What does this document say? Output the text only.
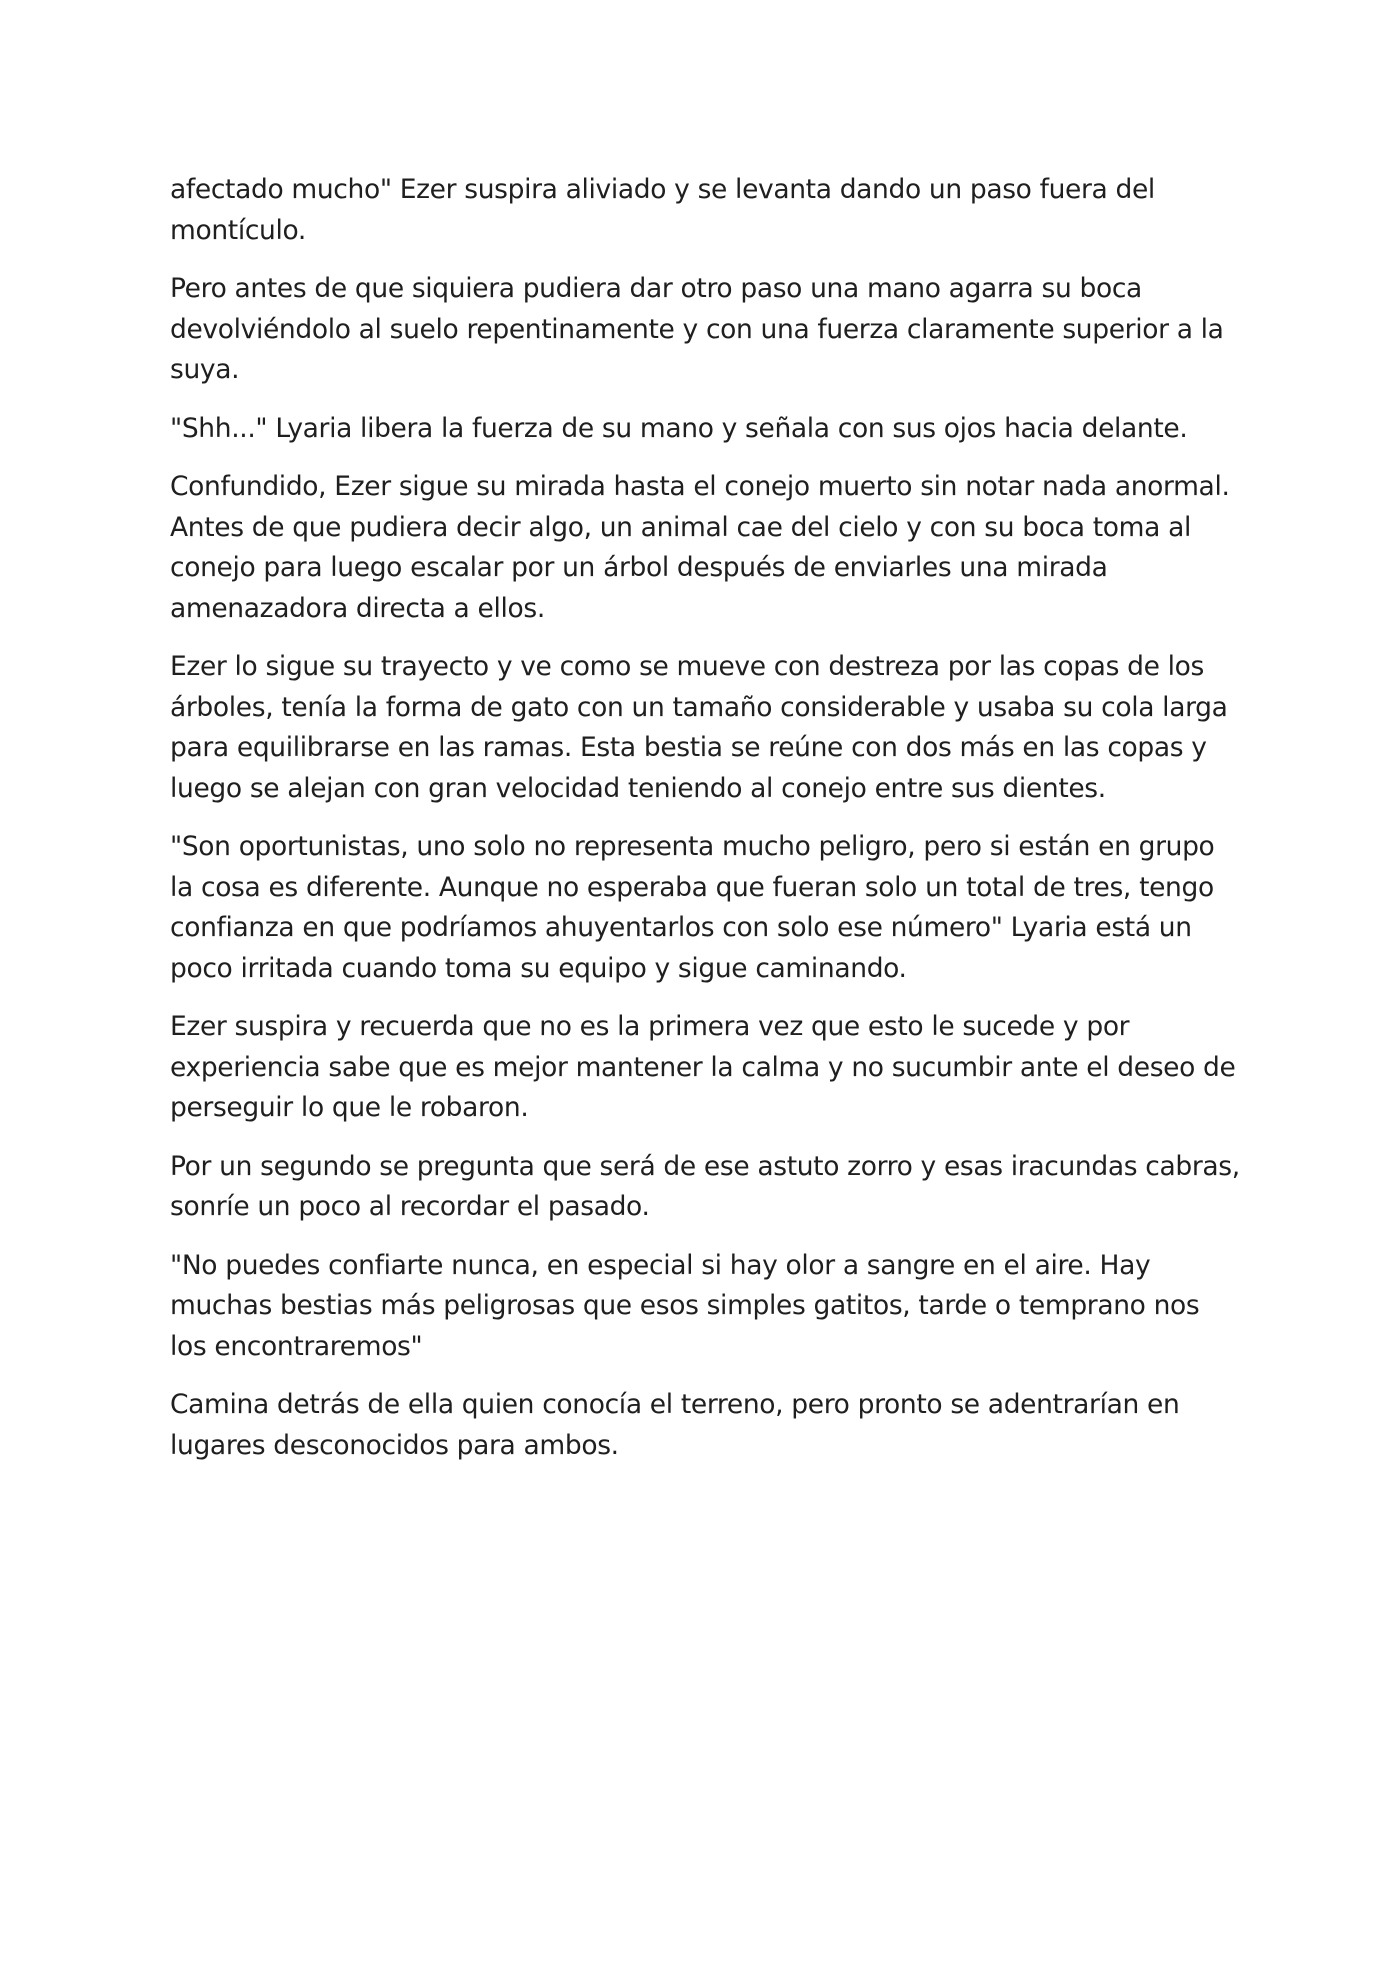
afectado mucho" Ezer suspira aliviado y se levanta dando un paso fuera del montículo.

Pero antes de que siquiera pudiera dar otro paso una mano agarra su boca devolviéndolo al suelo repentinamente y con una fuerza claramente superior a la suya.

"Shh..." Lyaria libera la fuerza de su mano y señala con sus ojos hacia delante.

Confundido, Ezer sigue su mirada hasta el conejo muerto sin notar nada anormal. Antes de que pudiera decir algo, un animal cae del cielo y con su boca toma al conejo para luego escalar por un árbol después de enviarles una mirada amenazadora directa a ellos.

Ezer lo sigue su trayecto y ve como se mueve con destreza por las copas de los árboles, tenía la forma de gato con un tamaño considerable y usaba su cola larga para equilibrarse en las ramas. Esta bestia se reúne con dos más en las copas y luego se alejan con gran velocidad teniendo al conejo entre sus dientes.

"Son oportunistas, uno solo no representa mucho peligro, pero si están en grupo la cosa es diferente. Aunque no esperaba que fueran solo un total de tres, tengo confianza en que podríamos ahuyentarlos con solo ese número" Lyaria está un poco irritada cuando toma su equipo y sigue caminando.

Ezer suspira y recuerda que no es la primera vez que esto le sucede y por experiencia sabe que es mejor mantener la calma y no sucumbir ante el deseo de perseguir lo que le robaron.

Por un segundo se pregunta que será de ese astuto zorro y esas iracundas cabras, sonríe un poco al recordar el pasado.

"No puedes confiarte nunca, en especial si hay olor a sangre en el aire. Hay muchas bestias más peligrosas que esos simples gatitos, tarde o temprano nos los encontraremos"

Camina detrás de ella quien conocía el terreno, pero pronto se adentrarían en lugares desconocidos para ambos.
